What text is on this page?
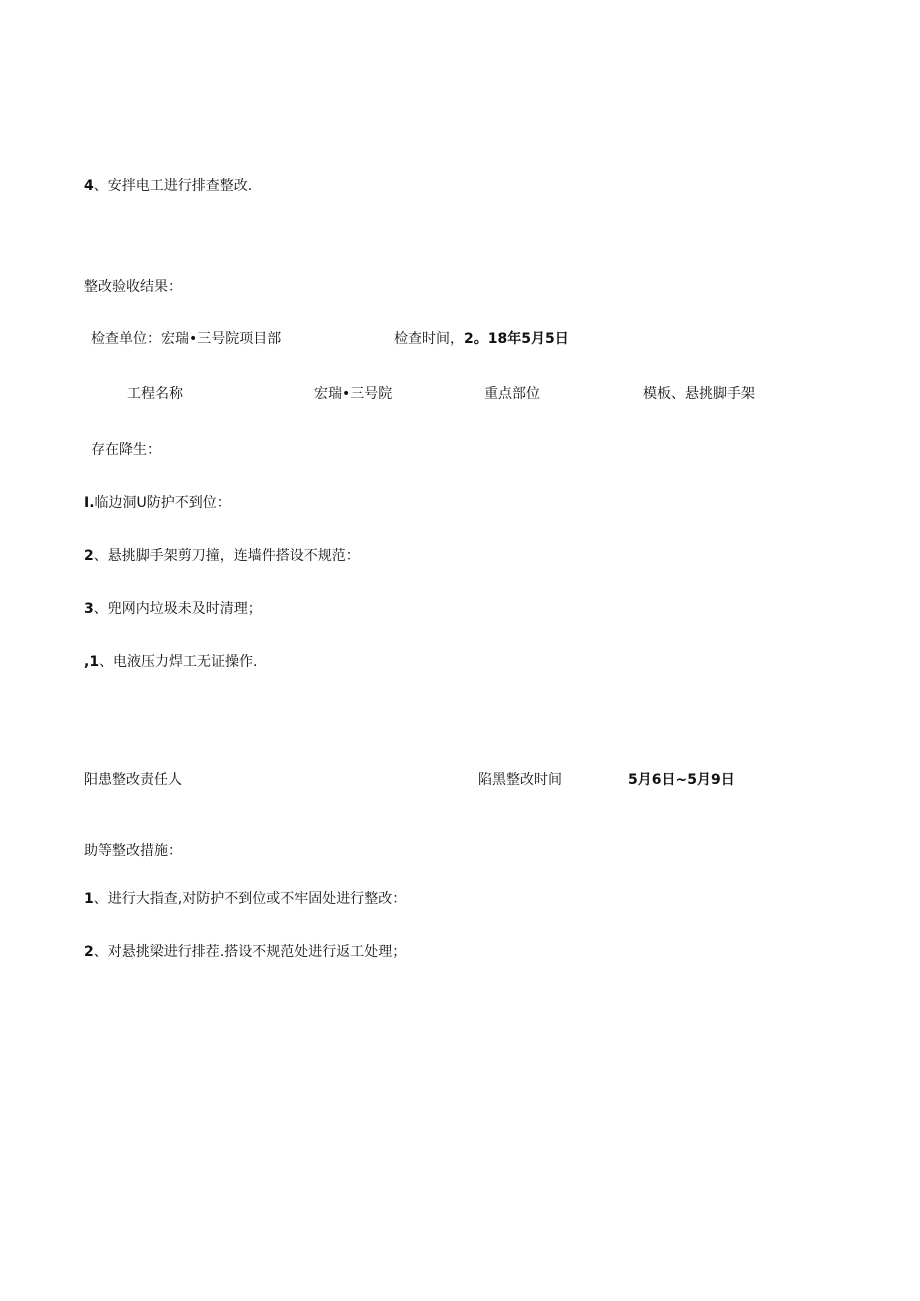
4、安拌电工进行排查整改.
整改验收结果：
检查单位：宏瑞•三号院项目部	检查时间，2。18年5月5日
工程名称	宏瑞•三号院	重点部位	模板、悬挑脚手架
存在降生：
I.临边洞U防护不到位：
2、悬挑脚手架剪刀撞，连墙件搭设不规范：
3、兜网内垃圾未及时清理；
,1、电液压力焊工无证操作.
阳患整改责任人	陷黑整改时间	5月6日~5月9日
助等整改措施：
1、进行大指查,对防护不到位或不牢固处进行整改：
2、对悬挑梁进行排茬.搭设不规范处进行返工处理；
